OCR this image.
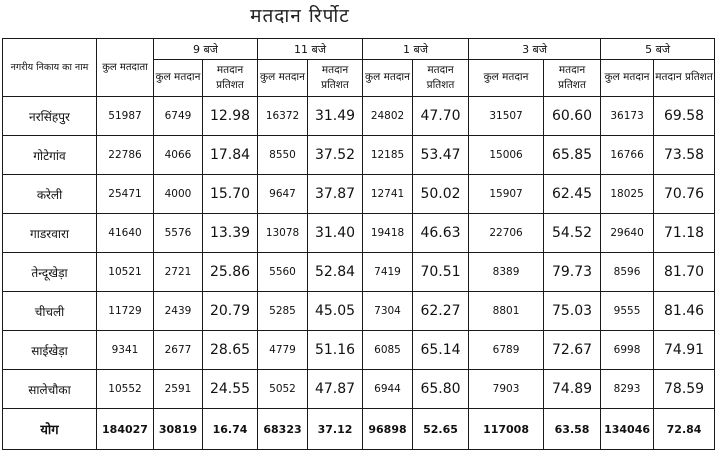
मतदान रिर्पोट
नगरीय निकाय का नाम	कुल मतदाता	9 बजे		11 बजे		1 बजे		3 बजे		5 बजे	
		कुल मतदान	मतदान प्रतिशत	कुल मतदान	मतदान प्रतिशत	कुल मतदान	मतदान प्रतिशत	कुल मतदान	मतदान प्रतिशत	कुल मतदान	मतदान प्रतिशत
नरसिंहपुर	51987	6749	12.98	16372	31.49	24802	47.70	31507	60.60	36173	69.58
गोटेगांव	22786	4066	17.84	8550	37.52	12185	53.47	15006	65.85	16766	73.58
करेली	25471	4000	15.70	9647	37.87	12741	50.02	15907	62.45	18025	70.76
गाडरवारा	41640	5576	13.39	13078	31.40	19418	46.63	22706	54.52	29640	71.18
तेन्दूखेड़ा	10521	2721	25.86	5560	52.84	7419	70.51	8389	79.73	8596	81.70
चीचली	11729	2439	20.79	5285	45.05	7304	62.27	8801	75.03	9555	81.46
साईखेड़ा	9341	2677	28.65	4779	51.16	6085	65.14	6789	72.67	6998	74.91
सालेचौका	10552	2591	24.55	5052	47.87	6944	65.80	7903	74.89	8293	78.59
योग	184027	30819	16.74	68323	37.12	96898	52.65	117008	63.58	134046	72.84
